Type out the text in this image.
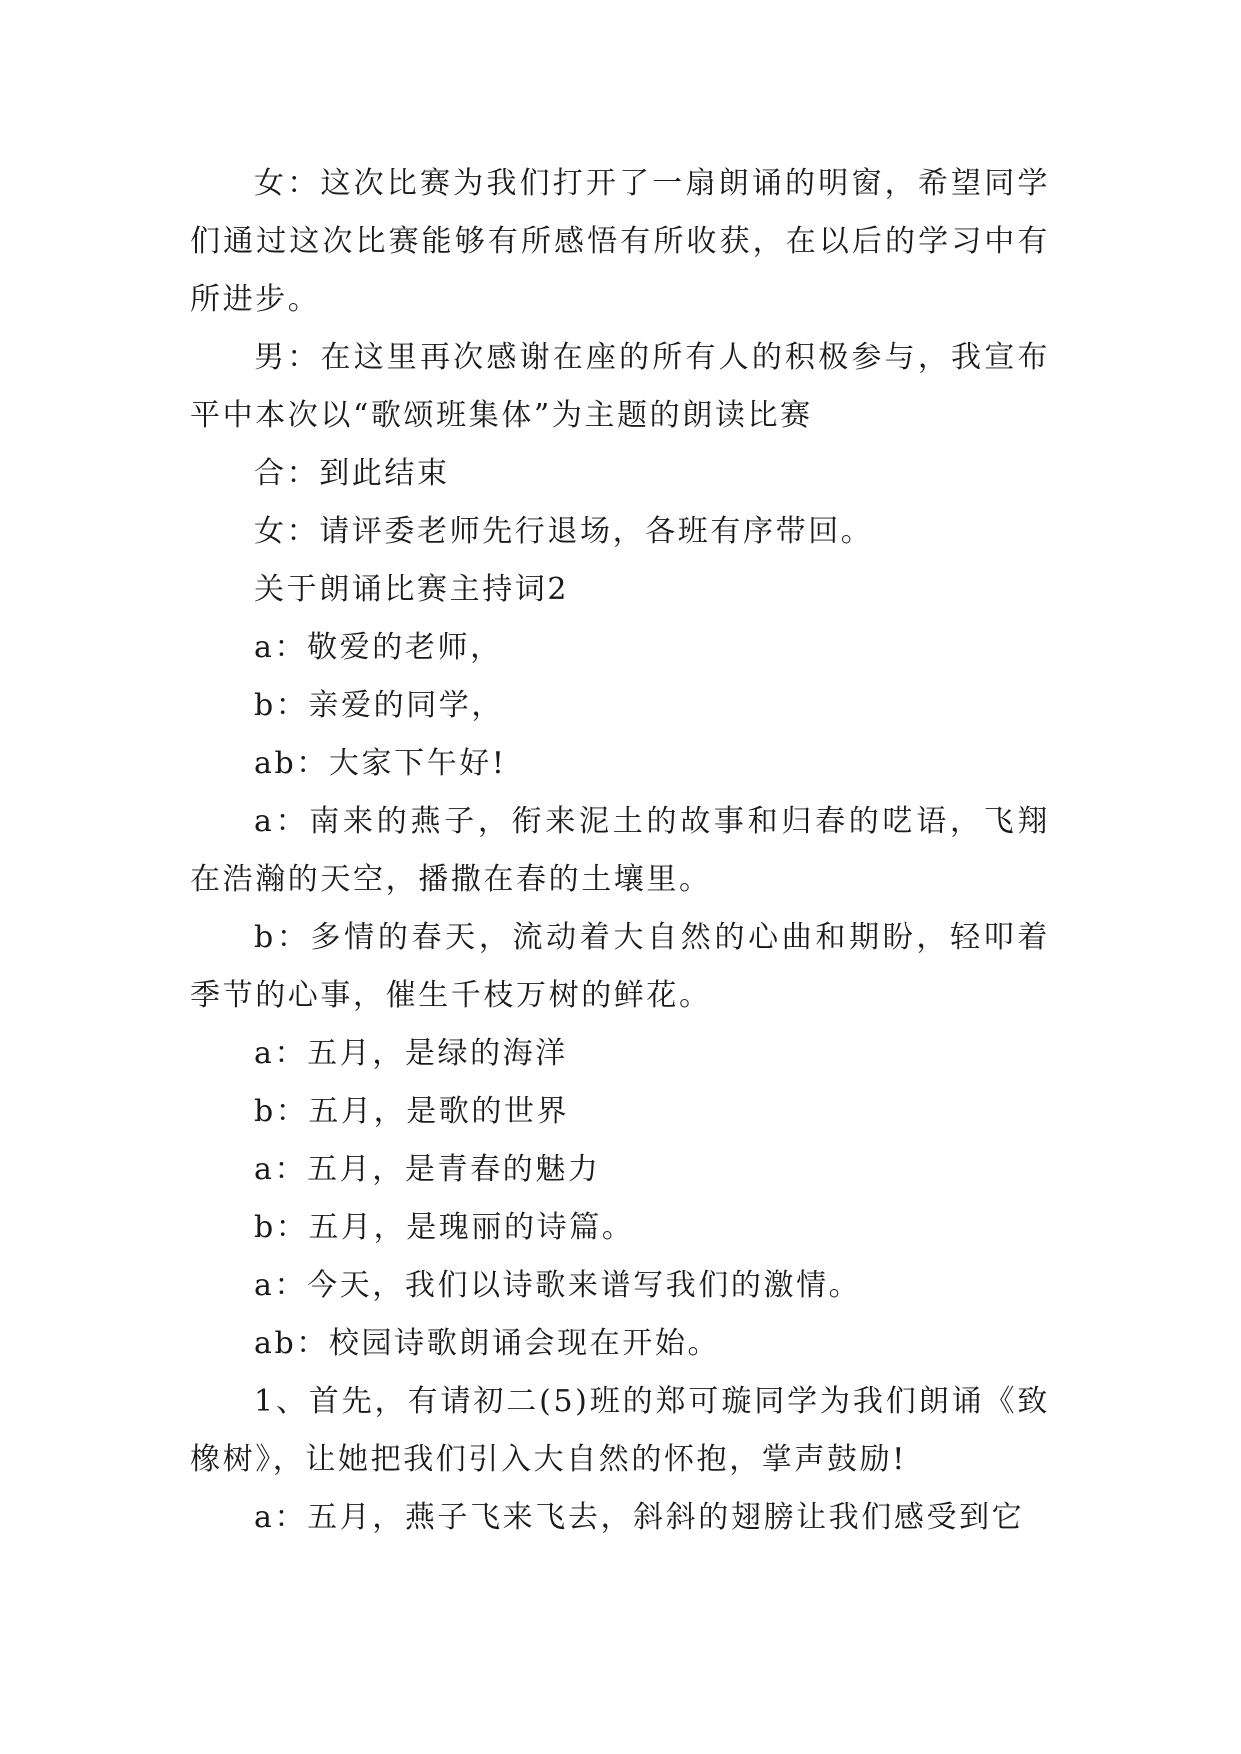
女：这次比赛为我们打开了一扇朗诵的明窗，希望同学们通过这次比赛能够有所感悟有所收获，在以后的学习中有所进步。

男：在这里再次感谢在座的所有人的积极参与，我宣布平中本次以“歌颂班集体”为主题的朗读比赛

合：到此结束

女：请评委老师先行退场，各班有序带回。

关于朗诵比赛主持词2

a：敬爱的老师，

b：亲爱的同学，

ab：大家下午好!

a：南来的燕子，衔来泥土的故事和归春的呓语，飞翔在浩瀚的天空，播撒在春的土壤里。

b：多情的春天，流动着大自然的心曲和期盼，轻叩着季节的心事，催生千枝万树的鲜花。

a：五月，是绿的海洋

b：五月，是歌的世界

a：五月，是青春的魅力

b：五月，是瑰丽的诗篇。

a：今天，我们以诗歌来谱写我们的激情。

ab：校园诗歌朗诵会现在开始。

1、首先，有请初二(5)班的郑可璇同学为我们朗诵《致橡树》，让她把我们引入大自然的怀抱，掌声鼓励!

a：五月，燕子飞来飞去，斜斜的翅膀让我们感受到它
